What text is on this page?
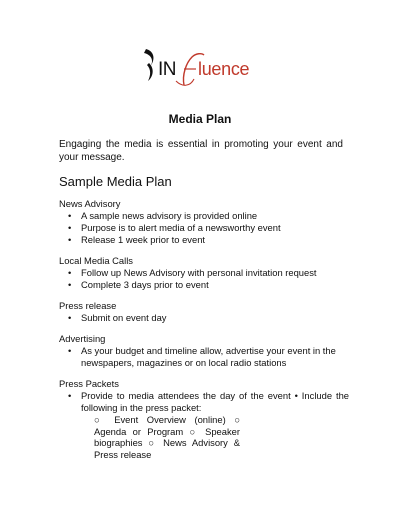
IN luence
Media Plan
Engaging the media is essential in promoting your event and your message.
Sample Media Plan
News Advisory
• A sample news advisory is provided online
• Purpose is to alert media of a newsworthy event
• Release 1 week prior to event
Local Media Calls
• Follow up News Advisory with personal invitation request
• Complete 3 days prior to event
Press release
• Submit on event day
Advertising
• As your budget and timeline allow, advertise your event in the newspapers, magazines or on local radio stations
Press Packets
• Provide to media attendees the day of the event • Include the following in the press packet:
○ Event Overview (online) ○ Agenda or Program ○ Speaker biographies ○ News Advisory & Press release
